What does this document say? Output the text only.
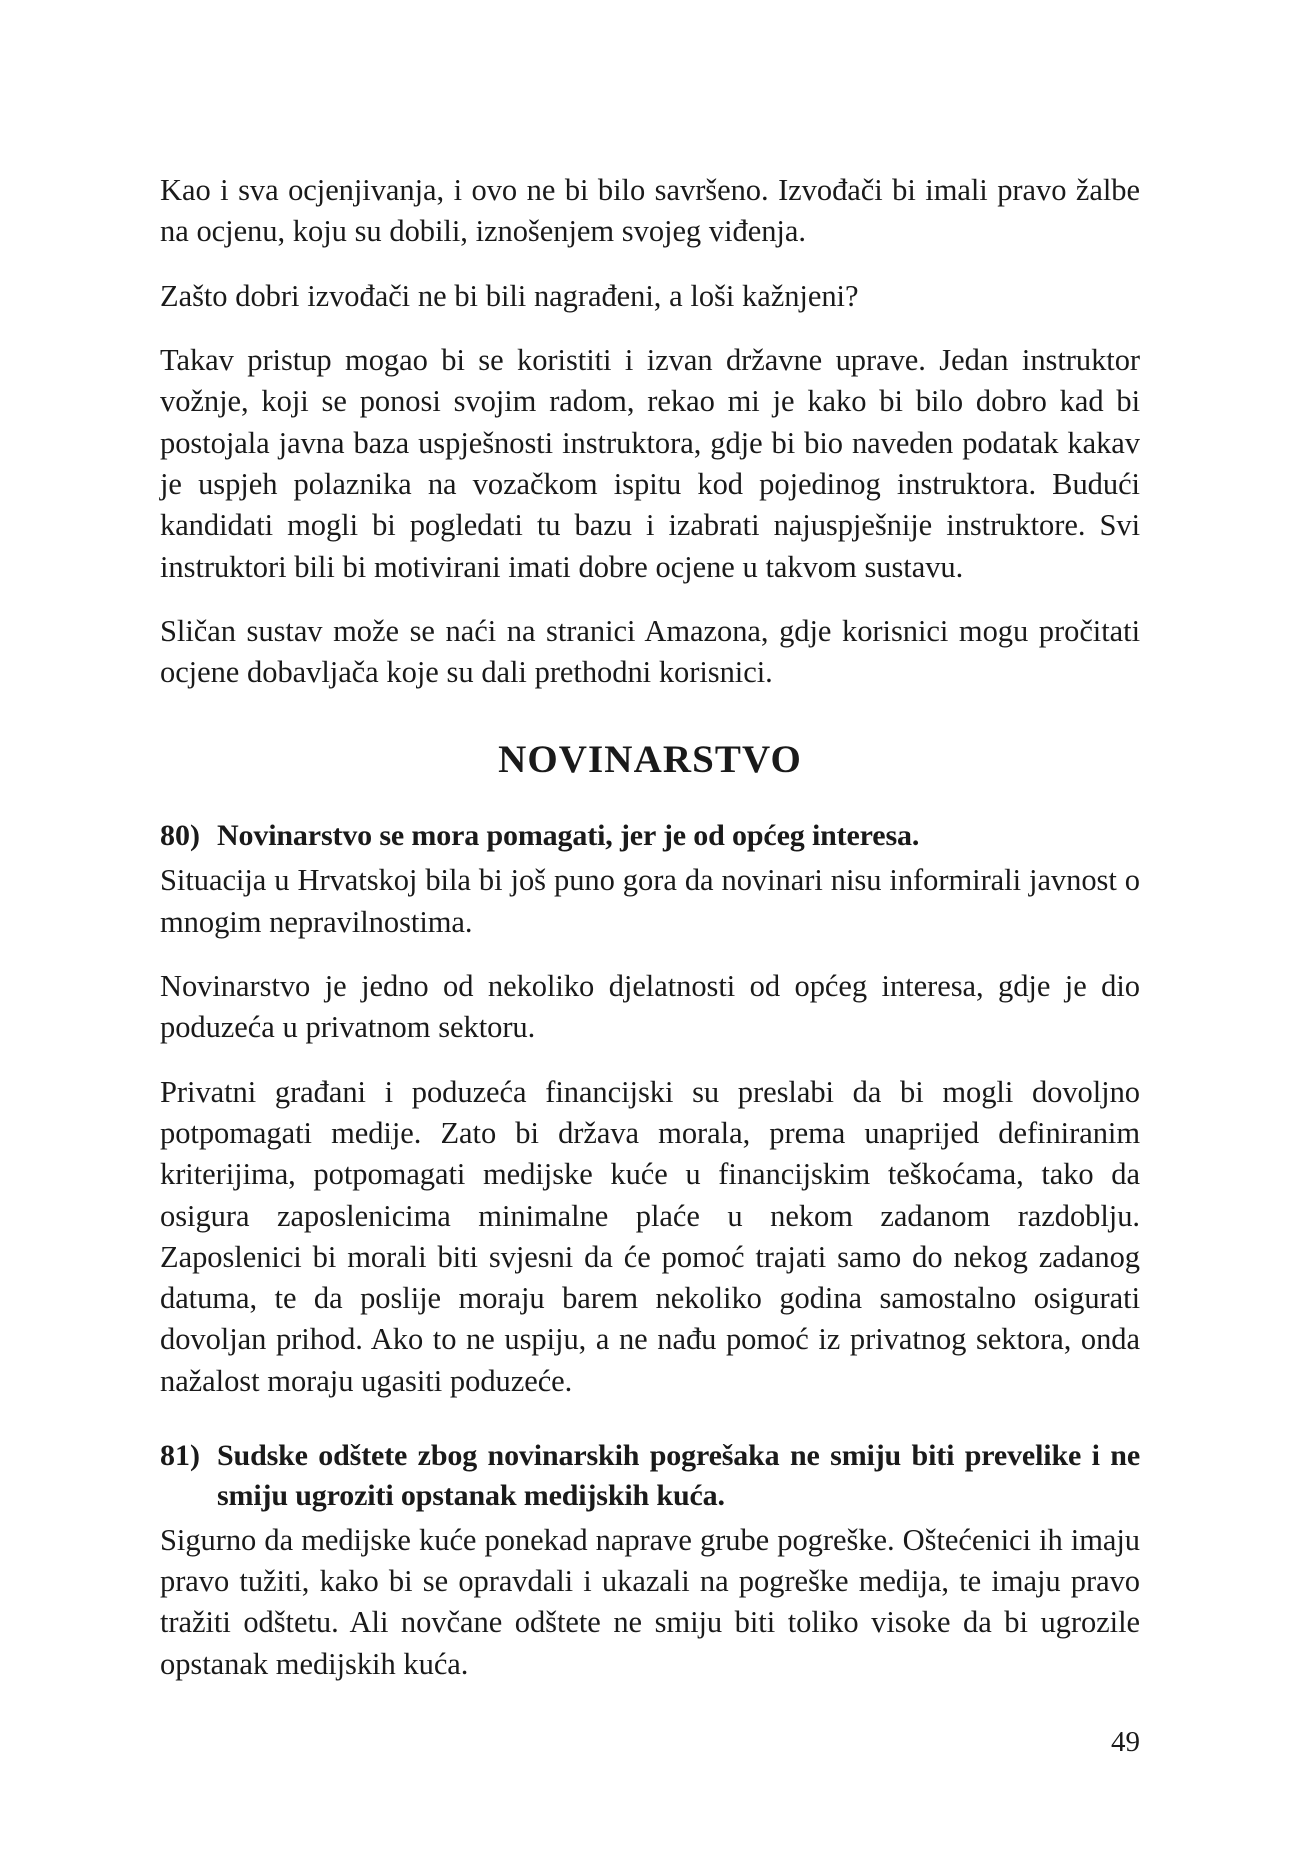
Kao i sva ocjenjivanja, i ovo ne bi bilo savršeno. Izvođači bi imali pravo žalbe na ocjenu, koju su dobili, iznošenjem svojeg viđenja.

Zašto dobri izvođači ne bi bili nagrađeni, a loši kažnjeni?

Takav pristup mogao bi se koristiti i izvan državne uprave. Jedan instruktor vožnje, koji se ponosi svojim radom, rekao mi je kako bi bilo dobro kad bi postojala javna baza uspješnosti instruktora, gdje bi bio naveden podatak kakav je uspjeh polaznika na vozačkom ispitu kod pojedinog instruktora. Budući kandidati mogli bi pogledati tu bazu i izabrati najuspješnije instruktore. Svi instruktori bili bi motivirani imati dobre ocjene u takvom sustavu.

Sličan sustav može se naći na stranici Amazona, gdje korisnici mogu pročitati ocjene dobavljača koje su dali prethodni korisnici.

NOVINARSTVO
80) Novinarstvo se mora pomagati, jer je od općeg interesa.

Situacija u Hrvatskoj bila bi još puno gora da novinari nisu informirali javnost o mnogim nepravilnostima.

Novinarstvo je jedno od nekoliko djelatnosti od općeg interesa, gdje je dio poduzeća u privatnom sektoru.

Privatni građani i poduzeća financijski su preslabi da bi mogli dovoljno potpomagati medije. Zato bi država morala, prema unaprijed definiranim kriterijima, potpomagati medijske kuće u financijskim teškoćama, tako da osigura zaposlenicima minimalne plaće u nekom zadanom razdoblju. Zaposlenici bi morali biti svjesni da će pomoć trajati samo do nekog zadanog datuma, te da poslije moraju barem nekoliko godina samostalno osigurati dovoljan prihod. Ako to ne uspiju, a ne nađu pomoć iz privatnog sektora, onda nažalost moraju ugasiti poduzeće.

81) Sudske odštete zbog novinarskih pogrešaka ne smiju biti prevelike i ne smiju ugroziti opstanak medijskih kuća.

Sigurno da medijske kuće ponekad naprave grube pogreške. Oštećenici ih imaju pravo tužiti, kako bi se opravdali i ukazali na pogreške medija, te imaju pravo tražiti odštetu. Ali novčane odštete ne smiju biti toliko visoke da bi ugrozile opstanak medijskih kuća.

49
